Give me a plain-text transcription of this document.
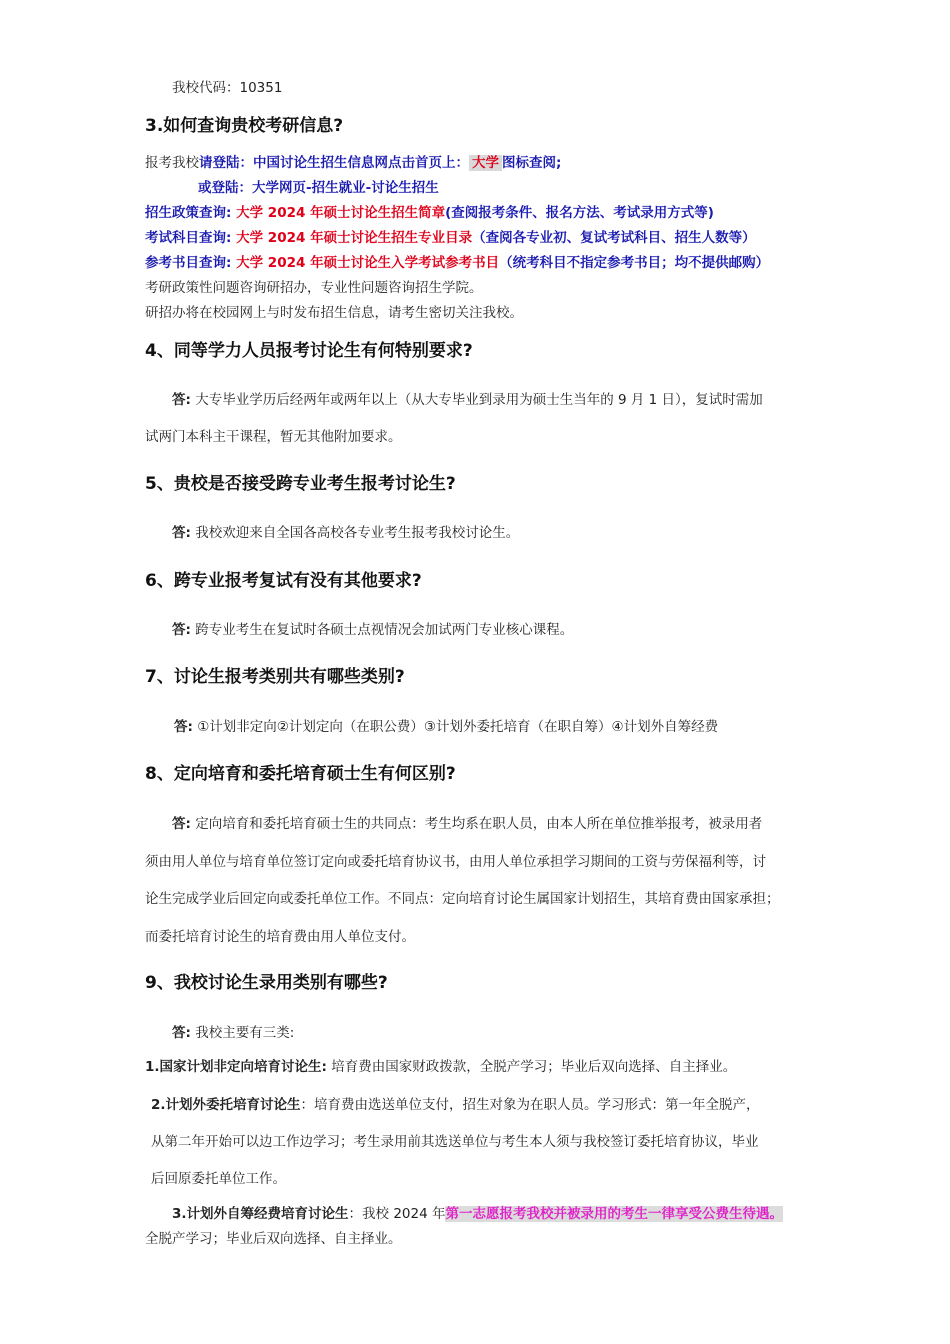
我校代码：10351
3.如何查询贵校考研信息?
报考我校请登陆：中国讨论生招生信息网点击首页上： 大学 图标查阅;
或登陆：大学网页-招生就业-讨论生招生
招生政策查询: 大学 2024 年硕士讨论生招生简章(查阅报考条件、报名方法、考试录用方式等)
考试科目查询: 大学 2024 年硕士讨论生招生专业目录（查阅各专业初、复试考试科目、招生人数等）
参考书目查询: 大学 2024 年硕士讨论生入学考试参考书目（统考科目不指定参考书目；均不提供邮购）
考研政策性问题咨询研招办，专业性问题咨询招生学院。
研招办将在校园网上与时发布招生信息，请考生密切关注我校。
4、同等学力人员报考讨论生有何特别要求?
答: 大专毕业学历后经两年或两年以上（从大专毕业到录用为硕士生当年的 9 月 1 日），复试时需加
试两门本科主干课程，暂无其他附加要求。
5、贵校是否接受跨专业考生报考讨论生?
答: 我校欢迎来自全国各高校各专业考生报考我校讨论生。
6、跨专业报考复试有没有其他要求?
答: 跨专业考生在复试时各硕士点视情况会加试两门专业核心课程。
7、讨论生报考类别共有哪些类别?
答: ①计划非定向②计划定向（在职公费）③计划外委托培育（在职自筹）④计划外自筹经费
8、定向培育和委托培育硕士生有何区别?
答: 定向培育和委托培育硕士生的共同点：考生均系在职人员，由本人所在单位推举报考，被录用者
须由用人单位与培育单位签订定向或委托培育协议书，由用人单位承担学习期间的工资与劳保福利等，讨
论生完成学业后回定向或委托单位工作。不同点：定向培育讨论生属国家计划招生，其培育费由国家承担；
而委托培育讨论生的培育费由用人单位支付。
9、我校讨论生录用类别有哪些?
答: 我校主要有三类:
1.国家计划非定向培育讨论生: 培育费由国家财政拨款，全脱产学习；毕业后双向选择、自主择业。
2.计划外委托培育讨论生：培育费由选送单位支付，招生对象为在职人员。学习形式：第一年全脱产，
从第二年开始可以边工作边学习；考生录用前其选送单位与考生本人须与我校签订委托培育协议，毕业
后回原委托单位工作。
3.计划外自筹经费培育讨论生：我校 2024 年第一志愿报考我校并被录用的考生一律享受公费生待遇。
全脱产学习；毕业后双向选择、自主择业。
